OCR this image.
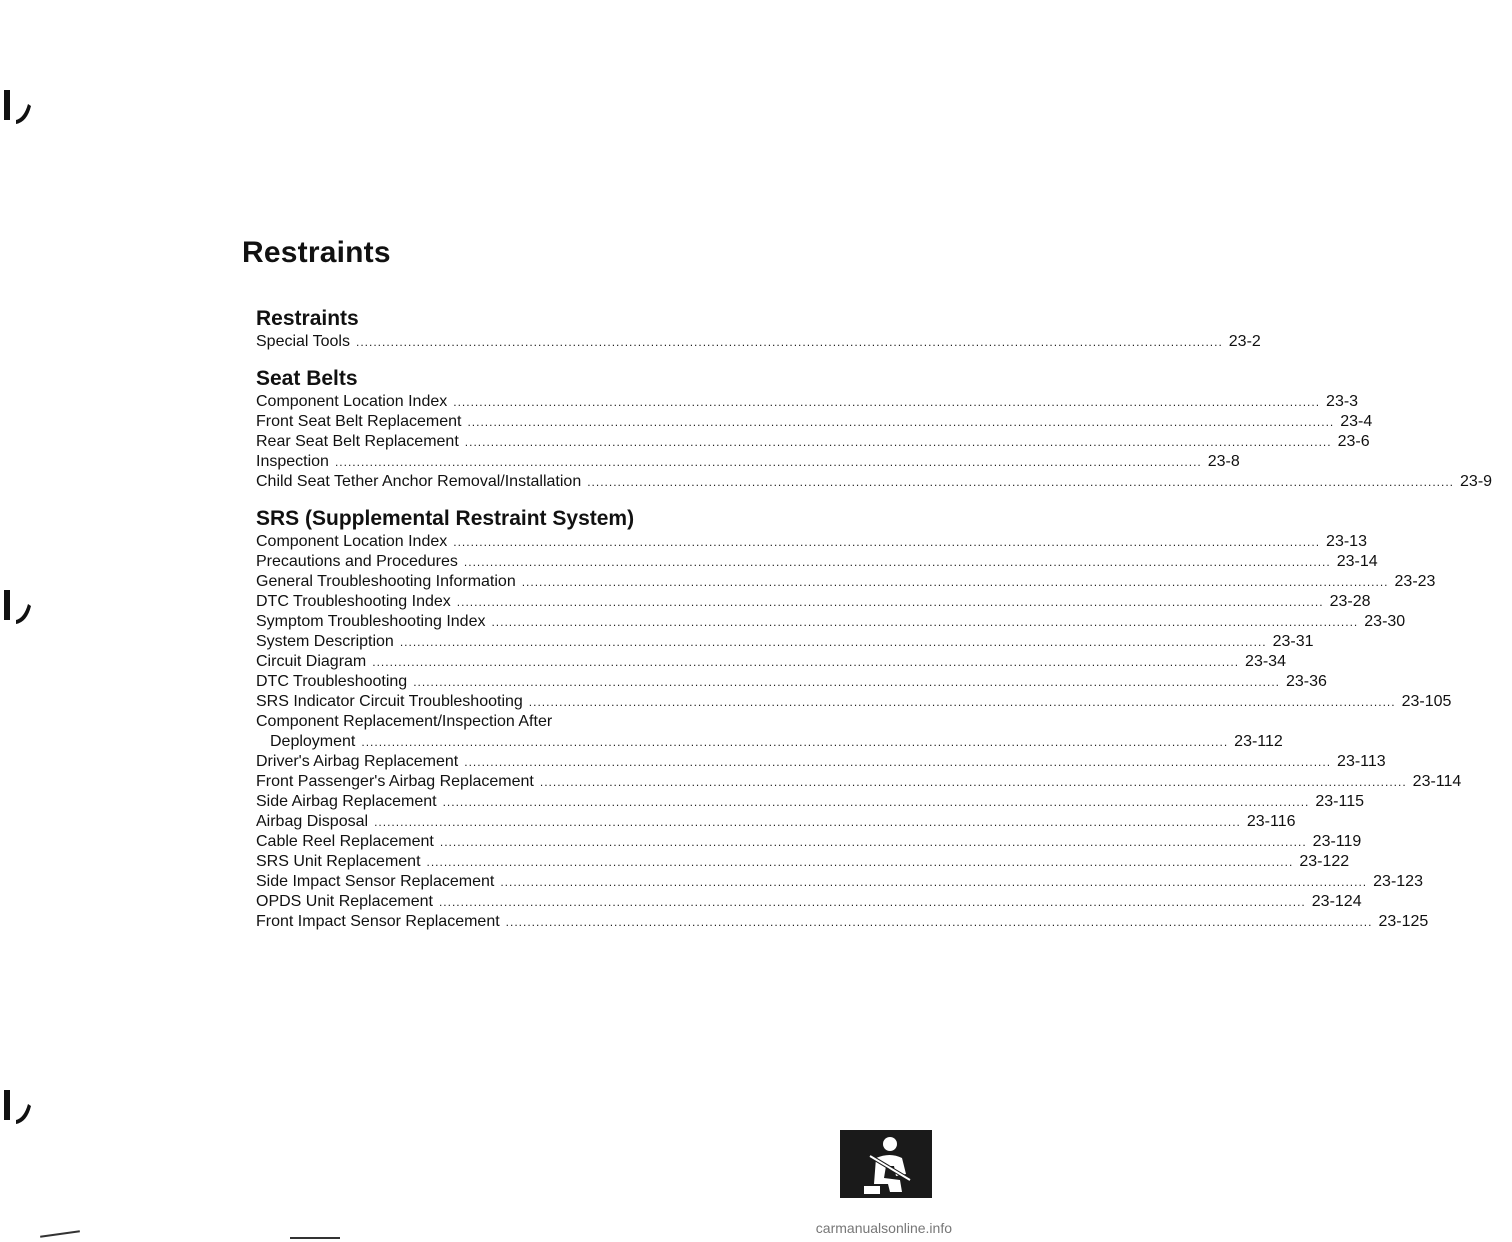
Restraints
Restraints
Special Tools ........................................................................................................................................................................................................ 23-2
Seat Belts
Component Location Index ........................................................................................................................................................................................................ 23-3
Front Seat Belt Replacement ........................................................................................................................................................................................................ 23-4
Rear Seat Belt Replacement ........................................................................................................................................................................................................ 23-6
Inspection ........................................................................................................................................................................................................ 23-8
Child Seat Tether Anchor Removal/Installation ........................................................................................................................................................................................................ 23-9
SRS (Supplemental Restraint System)
Component Location Index ........................................................................................................................................................................................................ 23-13
Precautions and Procedures ........................................................................................................................................................................................................ 23-14
General Troubleshooting Information ........................................................................................................................................................................................................ 23-23
DTC Troubleshooting Index ........................................................................................................................................................................................................ 23-28
Symptom Troubleshooting Index ........................................................................................................................................................................................................ 23-30
System Description ........................................................................................................................................................................................................ 23-31
Circuit Diagram ........................................................................................................................................................................................................ 23-34
DTC Troubleshooting ........................................................................................................................................................................................................ 23-36
SRS Indicator Circuit Troubleshooting ........................................................................................................................................................................................................ 23-105
Component Replacement/Inspection After
Deployment ........................................................................................................................................................................................................ 23-112
Driver's Airbag Replacement ........................................................................................................................................................................................................ 23-113
Front Passenger's Airbag Replacement ........................................................................................................................................................................................................ 23-114
Side Airbag Replacement ........................................................................................................................................................................................................ 23-115
Airbag Disposal ........................................................................................................................................................................................................ 23-116
Cable Reel Replacement ........................................................................................................................................................................................................ 23-119
SRS Unit Replacement ........................................................................................................................................................................................................ 23-122
Side Impact Sensor Replacement ........................................................................................................................................................................................................ 23-123
OPDS Unit Replacement ........................................................................................................................................................................................................ 23-124
Front Impact Sensor Replacement ........................................................................................................................................................................................................ 23-125
carmanualsonline.info
